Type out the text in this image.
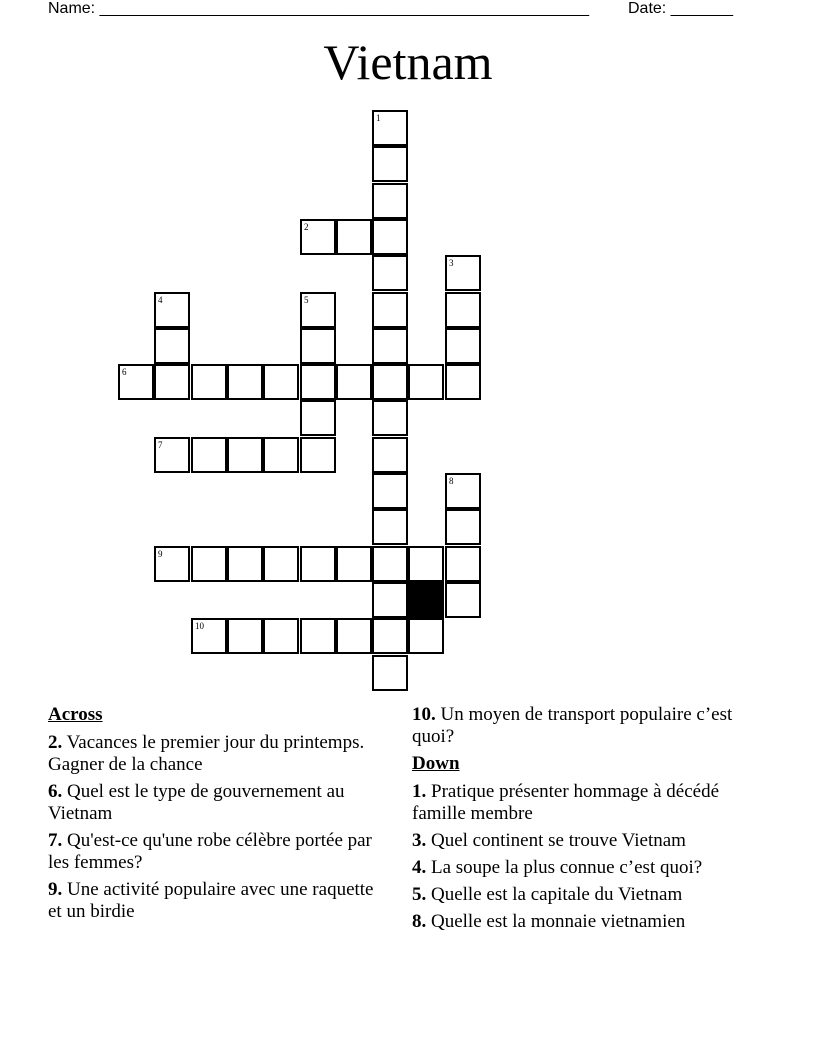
Name: _______________________________________________________ Date: _______
Vietnam
1
2
3
4	5
6
7
8
9
10
Across
2. Vacances le premier jour du printemps. Gagner de la chance
6. Quel est le type de gouvernement au Vietnam
7. Qu'est-ce qu'une robe célèbre portée par les femmes?
9. Une activité populaire avec une raquette et un birdie
10. Un moyen de transport populaire c’est quoi?
Down
1. Pratique présenter hommage à décédé famille membre
3. Quel continent se trouve Vietnam
4. La soupe la plus connue c’est quoi?
5. Quelle est la capitale du Vietnam
8. Quelle est la monnaie vietnamien
